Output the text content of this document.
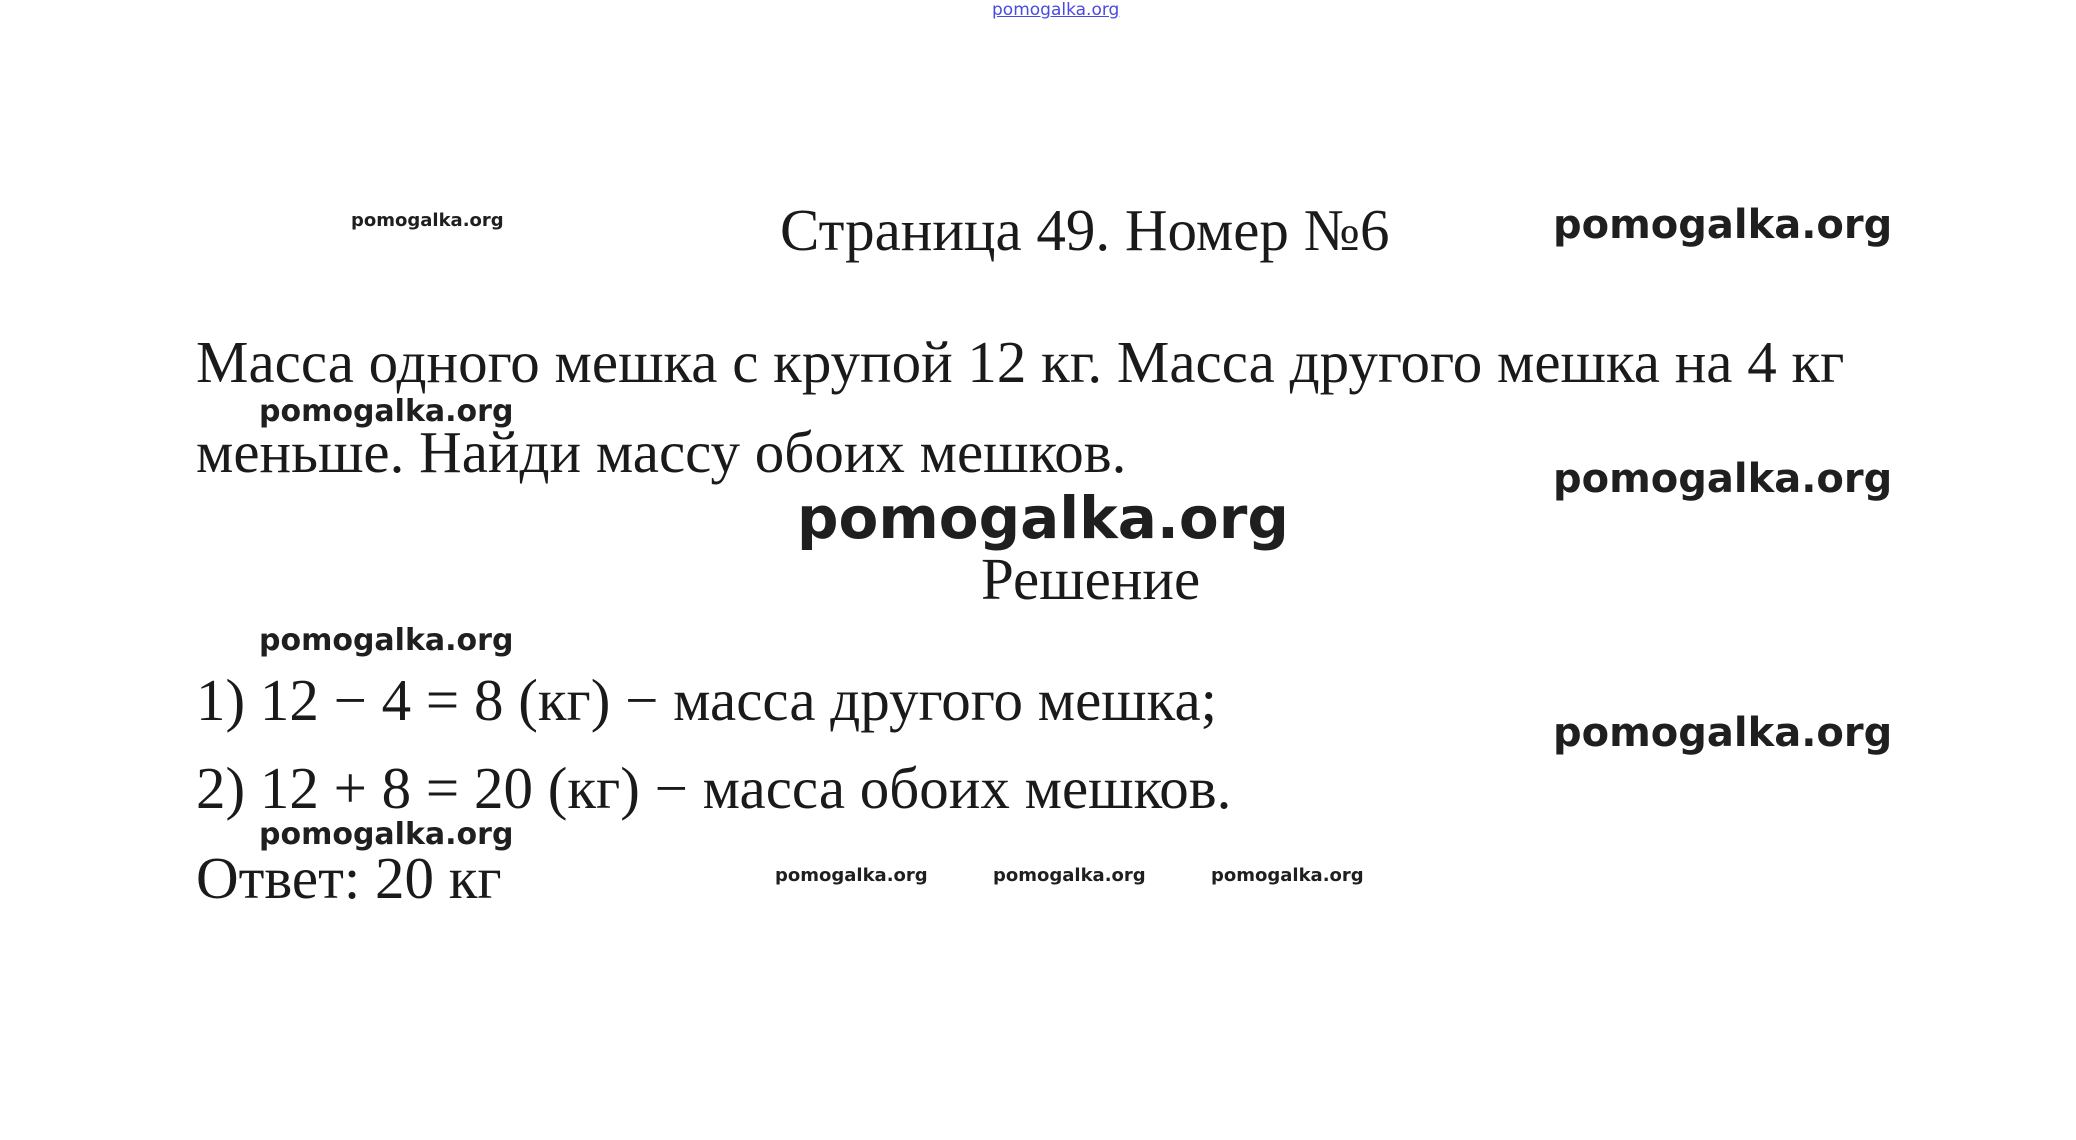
pomogalka.org
Страница 49. Номер №6
Масса одного мешка с крупой 12 кг. Масса другого мешка на 4 кг
меньше. Найди массу обоих мешков.
Решение
1) 12 − 4 = 8 (кг) − масса другого мешка;
2) 12 + 8 = 20 (кг) − масса обоих мешков.
Ответ: 20 кг
pomogalka.org	pomogalka.org
pomogalka.org
pomogalka.org
pomogalka.org
pomogalka.org
pomogalka.org
pomogalka.org
pomogalka.org	pomogalka.org	pomogalka.org
